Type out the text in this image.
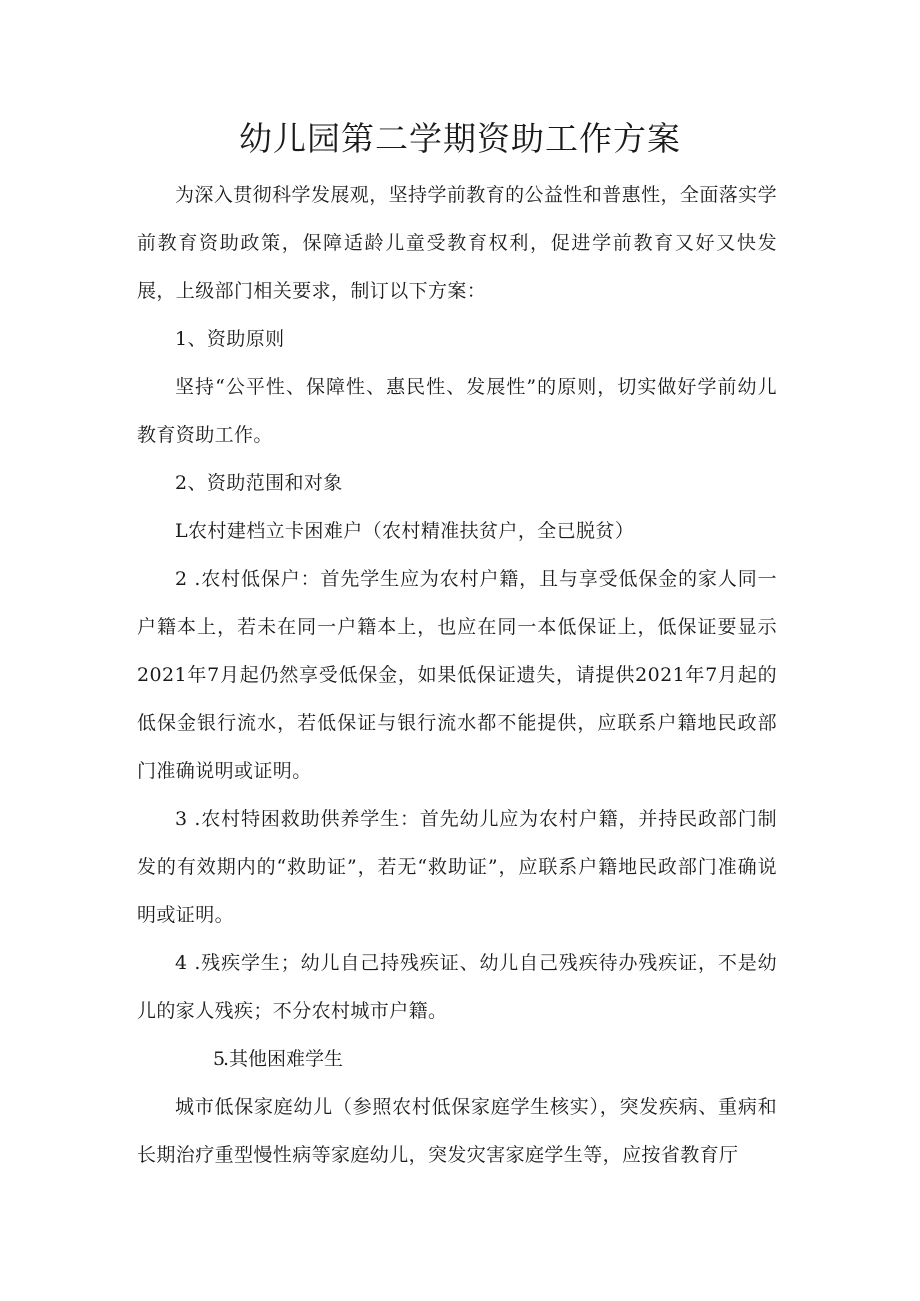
幼儿园第二学期资助工作方案

为深入贯彻科学发展观，坚持学前教育的公益性和普惠性，全面落实学前教育资助政策，保障适龄儿童受教育权利，促进学前教育又好又快发展，上级部门相关要求，制订以下方案：

1、资助原则

坚持“公平性、保障性、惠民性、发展性”的原则，切实做好学前幼儿教育资助工作。

2、资助范围和对象

L农村建档立卡困难户（农村精准扶贫户，全已脱贫）

2 .农村低保户：首先学生应为农村户籍，且与享受低保金的家人同一户籍本上，若未在同一户籍本上，也应在同一本低保证上，低保证要显示2021年7月起仍然享受低保金，如果低保证遗失，请提供2021年7月起的低保金银行流水，若低保证与银行流水都不能提供，应联系户籍地民政部门准确说明或证明。

3 .农村特困救助供养学生：首先幼儿应为农村户籍，并持民政部门制发的有效期内的“救助证”，若无“救助证”，应联系户籍地民政部门准确说明或证明。

4 .残疾学生；幼儿自己持残疾证、幼儿自己残疾待办残疾证，不是幼儿的家人残疾；不分农村城市户籍。

5.其他困难学生

城市低保家庭幼儿（参照农村低保家庭学生核实），突发疾病、重病和长期治疗重型慢性病等家庭幼儿，突发灾害家庭学生等，应按省教育厅
